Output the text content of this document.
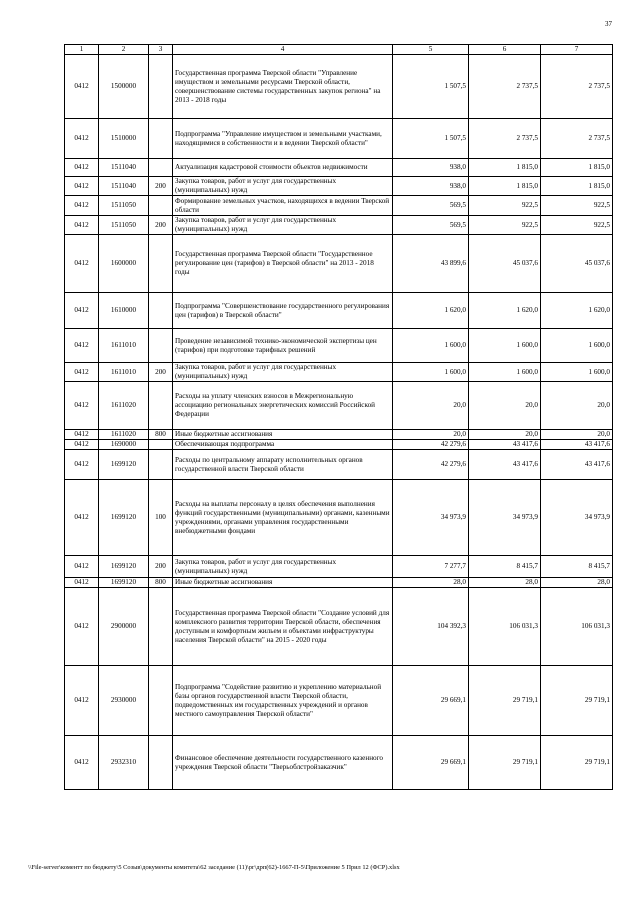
37
1	2	3	4	5	6	7
0412	1500000		Государственная программа Тверской области "Управление имуществом и земельными ресурсами Тверской области, совершенствование системы государственных закупок региона" на 2013 - 2018 годы	1 507,5	2 737,5	2 737,5
0412	1510000		Подпрограмма "Управление имуществом и земельными участками, находящимися в собственности и в ведении Тверской области"	1 507,5	2 737,5	2 737,5
0412	1511040		Актуализация кадастровой стоимости объектов недвижимости	938,0	1 815,0	1 815,0
0412	1511040	200	Закупка товаров, работ и услуг для государственных (муниципальных) нужд	938,0	1 815,0	1 815,0
0412	1511050		Формирование земельных участков, находящихся в ведении Тверской области	569,5	922,5	922,5
0412	1511050	200	Закупка товаров, работ и услуг для государственных (муниципальных) нужд	569,5	922,5	922,5
0412	1600000		Государственная программа Тверской области "Государственное регулирование цен (тарифов) в Тверской области" на 2013 - 2018 годы	43 899,6	45 037,6	45 037,6
0412	1610000		Подпрограмма "Совершенствование государственного регулирования цен (тарифов) в Тверской области"	1 620,0	1 620,0	1 620,0
0412	1611010		Проведение независимой технико-экономической экспертизы цен (тарифов) при подготовке тарифных решений	1 600,0	1 600,0	1 600,0
0412	1611010	200	Закупка товаров, работ и услуг для государственных (муниципальных) нужд	1 600,0	1 600,0	1 600,0
0412	1611020		Расходы на уплату членских взносов в Межрегиональную ассоциацию региональных энергетических комиссий Российской Федерации	20,0	20,0	20,0
0412	1611020	800	Иные бюджетные ассигнования	20,0	20,0	20,0
0412	1690000		Обеспечивающая подпрограмма	42 279,6	43 417,6	43 417,6
0412	1699120		Расходы по центральному аппарату исполнительных органов государственной власти Тверской области	42 279,6	43 417,6	43 417,6
0412	1699120	100	Расходы на выплаты персоналу в целях обеспечения выполнения функций государственными (муниципальными) органами, казенными учреждениями, органами управления государственными внебюджетными фондами	34 973,9	34 973,9	34 973,9
0412	1699120	200	Закупка товаров, работ и услуг для государственных (муниципальных) нужд	7 277,7	8 415,7	8 415,7
0412	1699120	800	Иные бюджетные ассигнования	28,0	28,0	28,0
0412	2900000		Государственная программа Тверской области "Создание условий для комплексного развития территории Тверской области, обеспечения доступным и комфортным жильем и объектами инфраструктуры населения Тверской области" на 2015 - 2020 годы	104 392,3	106 031,3	106 031,3
0412	2930000		Подпрограмма "Содействие развитию и укреплению материальной базы органов государственной власти Тверской области, подведомственных им государственных учреждений и органов местного самоуправления Тверской области"	29 669,1	29 719,1	29 719,1
0412	2932310		Финансовое обеспечение деятельности государственного казенного учреждения Тверской области "Тверьоблстройзаказчик"	29 669,1	29 719,1	29 719,1
\\File-server\коментт по бюджету\5 Созыв\документы комитета\62 заседание (11)\рг\дрп(62)-1667-П-5\Приложение 5 Прил 12 (ФСР).xlsx
